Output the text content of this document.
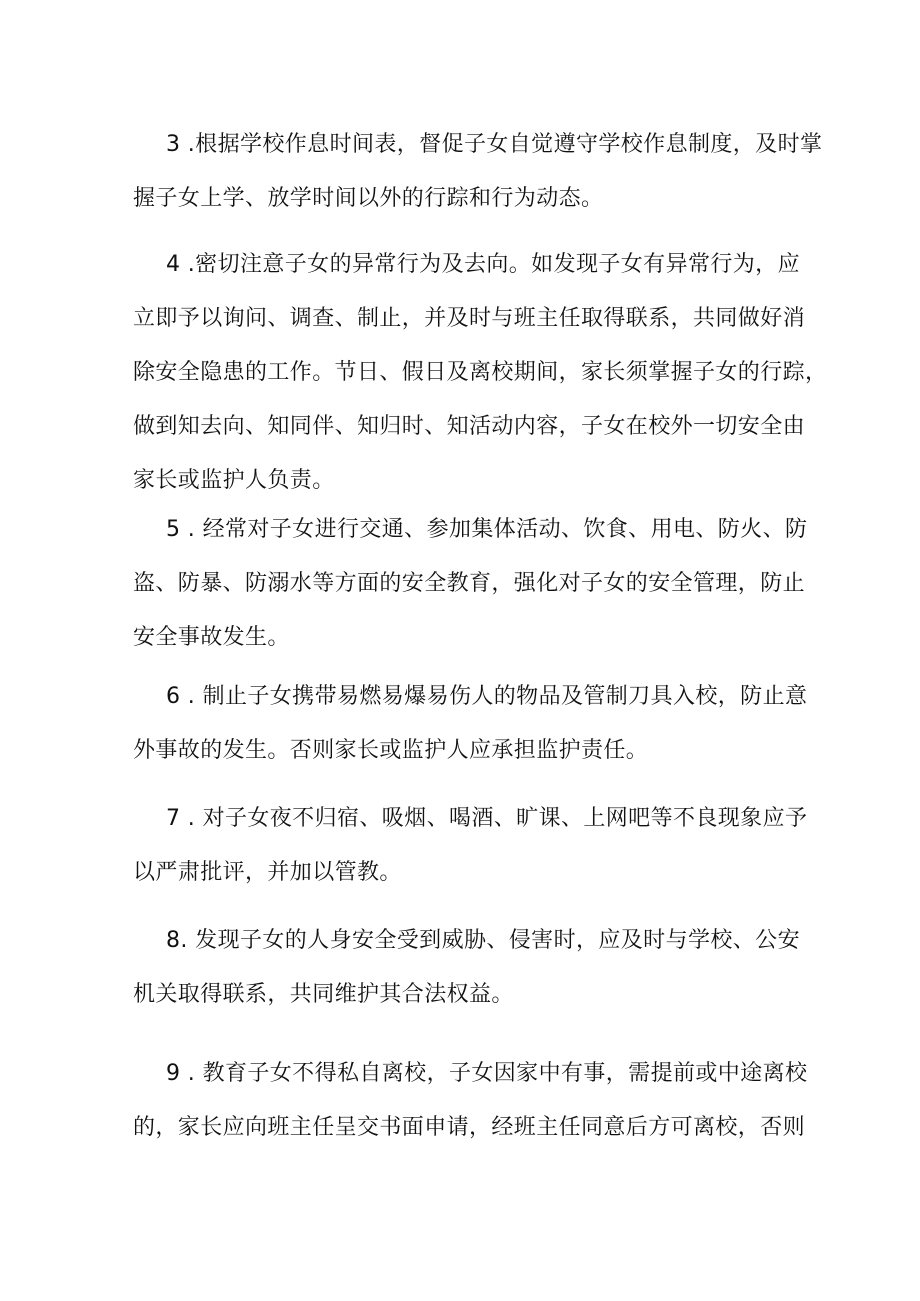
3 .根据学校作息时间表，督促子女自觉遵守学校作息制度，及时掌
握子女上学、放学时间以外的行踪和行为动态。

4 .密切注意子女的异常行为及去向。如发现子女有异常行为，应
立即予以询问、调查、制止，并及时与班主任取得联系，共同做好消
除安全隐患的工作。节日、假日及离校期间，家长须掌握子女的行踪，
做到知去向、知同伴、知归时、知活动内容，子女在校外一切安全由
家长或监护人负责。

5 . 经常对子女进行交通、参加集体活动、饮食、用电、防火、防
盗、防暴、防溺水等方面的安全教育，强化对子女的安全管理，防止
安全事故发生。

6 . 制止子女携带易燃易爆易伤人的物品及管制刀具入校，防止意
外事故的发生。否则家长或监护人应承担监护责任。

7 . 对子女夜不归宿、吸烟、喝酒、旷课、上网吧等不良现象应予
以严肃批评，并加以管教。

8. 发现子女的人身安全受到威胁、侵害时，应及时与学校、公安
机关取得联系，共同维护其合法权益。

9 . 教育子女不得私自离校，子女因家中有事，需提前或中途离校
的，家长应向班主任呈交书面申请，经班主任同意后方可离校，否则
